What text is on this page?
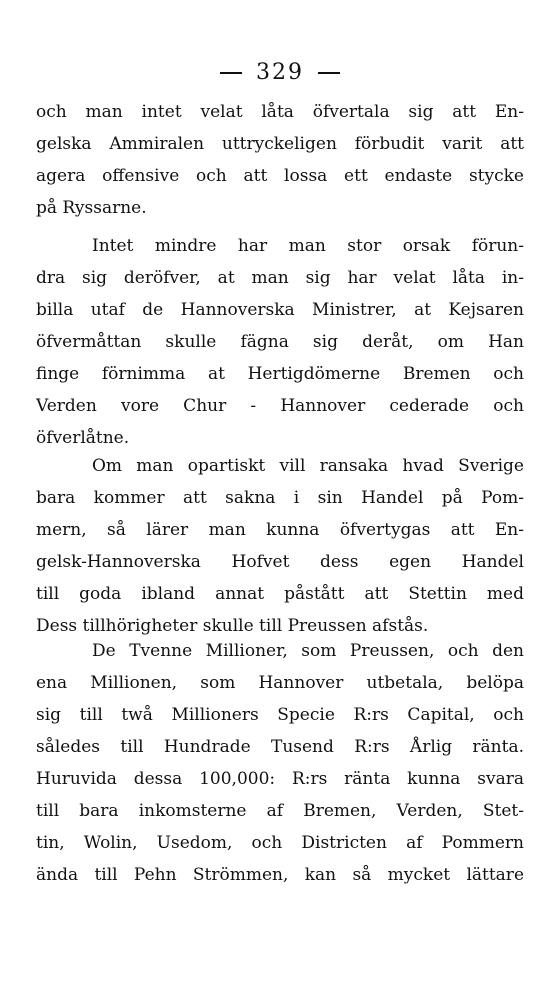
329
och man intet velat låta öfvertala sig att En-
gelska Ammiralen uttryckeligen förbudit varit att
agera offensive och att lossa ett endaste stycke
på Ryssarne.
Intet mindre har man stor orsak förun-
dra sig deröfver, at man sig har velat låta in-
billa utaf de Hannoverska Ministrer, at Kejsaren
öfvermåttan skulle fägna sig deråt, om Han
finge förnimma at Hertigdömerne Bremen och
Verden vore Chur - Hannover cederade och
öfverlåtne.
Om man opartiskt vill ransaka hvad Sverige
bara kommer att sakna i sin Handel på Pom-
mern, så lärer man kunna öfvertygas att En-
gelsk-Hannoverska Hofvet dess egen Handel
till goda ibland annat påstått att Stettin med
Dess tillhörigheter skulle till Preussen afstås.
De Tvenne Millioner, som Preussen, och den
ena Millionen, som Hannover utbetala, belöpa
sig till twå Millioners Specie R:rs Capital, och
således till Hundrade Tusend R:rs Årlig ränta.
Huruvida dessa 100,000: R:rs ränta kunna svara
till bara inkomsterne af Bremen, Verden, Stet-
tin, Wolin, Usedom, och Districten af Pommern
ända till Pehn Strömmen, kan så mycket lättare
